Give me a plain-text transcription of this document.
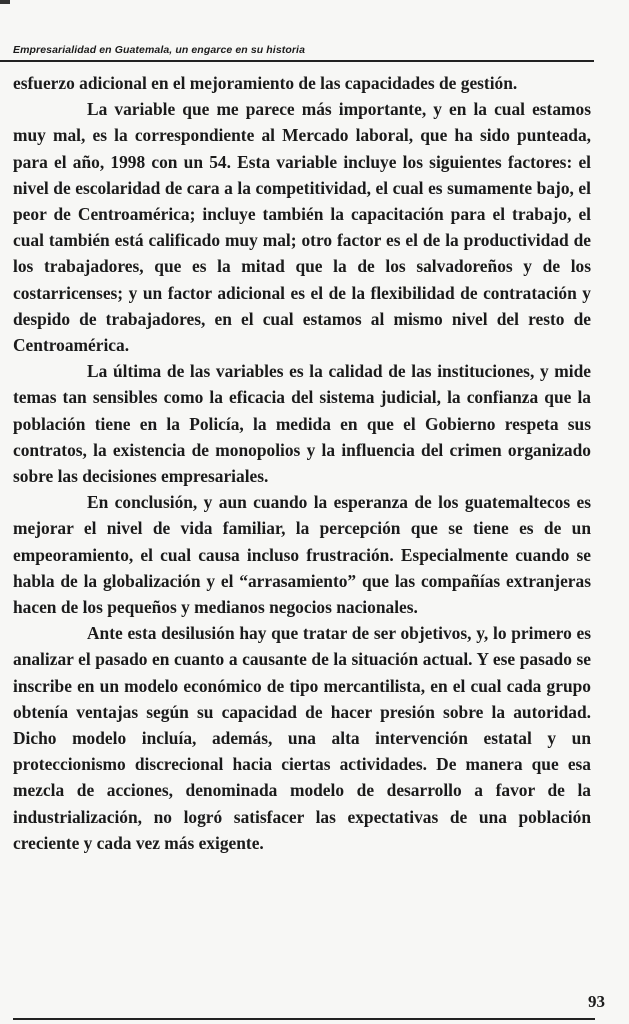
Empresarialidad en Guatemala, un engarce en su historia

esfuerzo adicional en el mejoramiento de las capacidades de gestión.

La variable que me parece más importante, y en la cual estamos muy mal, es la correspondiente al Mercado laboral, que ha sido punteada, para el año, 1998 con un 54. Esta variable incluye los siguientes factores: el nivel de escolaridad de cara a la competitividad, el cual es sumamente bajo, el peor de Centroamérica; incluye también la capacitación para el trabajo, el cual también está calificado muy mal; otro factor es el de la productividad de los trabajadores, que es la mitad que la de los salvadoreños y de los costarricenses; y un factor adicional es el de la flexibilidad de contratación y despido de trabajadores, en el cual estamos al mismo nivel del resto de Centroamérica.

La última de las variables es la calidad de las instituciones, y mide temas tan sensibles como la eficacia del sistema judicial, la confianza que la población tiene en la Policía, la medida en que el Gobierno respeta sus contratos, la existencia de monopolios y la influencia del crimen organizado sobre las decisiones empresariales.

En conclusión, y aun cuando la esperanza de los guatemaltecos es mejorar el nivel de vida familiar, la percepción que se tiene es de un empeoramiento, el cual causa incluso frustración. Especialmente cuando se habla de la globalización y el “arrasamiento” que las compañías extranjeras hacen de los pequeños y medianos negocios nacionales.

Ante esta desilusión hay que tratar de ser objetivos, y, lo primero es analizar el pasado en cuanto a causante de la situación actual. Y ese pasado se inscribe en un modelo económico de tipo mercantilista, en el cual cada grupo obtenía ventajas según su capacidad de hacer presión sobre la autoridad. Dicho modelo incluía, además, una alta intervención estatal y un proteccionismo discrecional hacia ciertas actividades. De manera que esa mezcla de acciones, denominada modelo de desarrollo a favor de la industrialización, no logró satisfacer las expectativas de una población creciente y cada vez más exigente.

93
